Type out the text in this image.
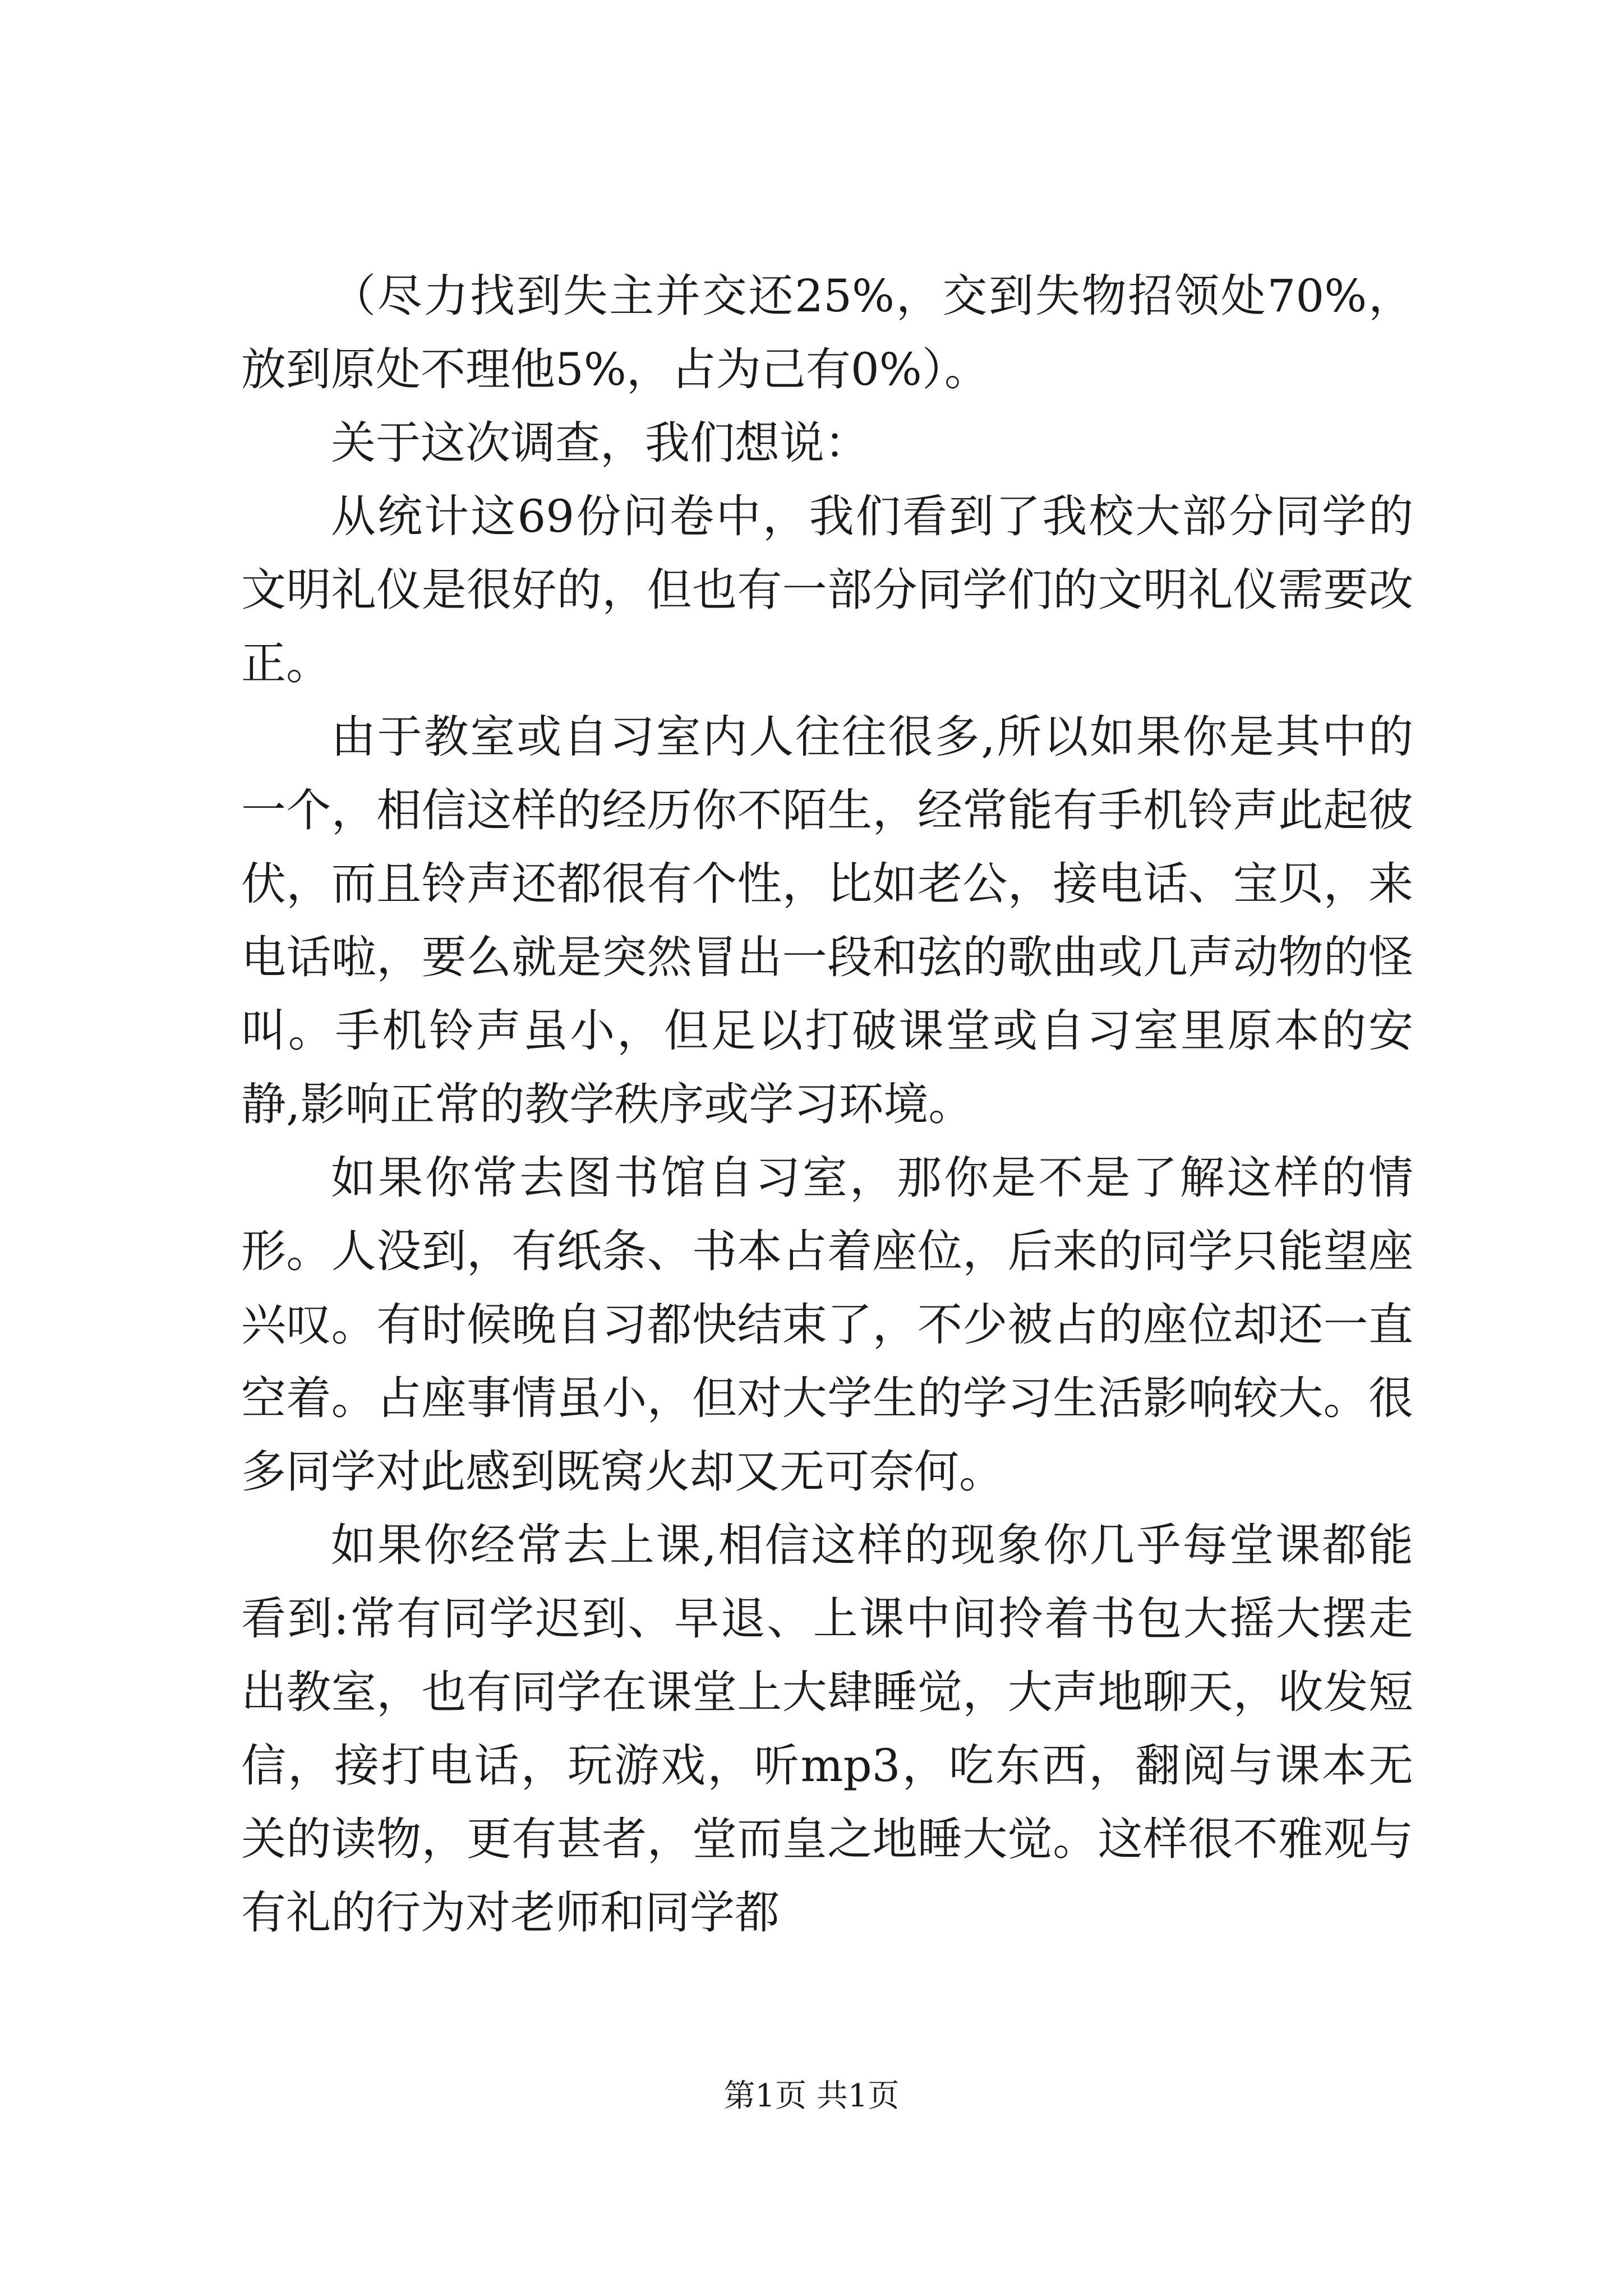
（尽力找到失主并交还25%，交到失物招领处70%，放到原处不理他5%，占为己有0%）。

关于这次调查，我们想说：

从统计这69份问卷中，我们看到了我校大部分同学的文明礼仪是很好的，但也有一部分同学们的文明礼仪需要改正。

由于教室或自习室内人往往很多,所以如果你是其中的一个，相信这样的经历你不陌生，经常能有手机铃声此起彼伏，而且铃声还都很有个性，比如老公，接电话、宝贝，来电话啦，要么就是突然冒出一段和弦的歌曲或几声动物的怪叫。手机铃声虽小，但足以打破课堂或自习室里原本的安静,影响正常的教学秩序或学习环境。

如果你常去图书馆自习室，那你是不是了解这样的情形。人没到，有纸条、书本占着座位，后来的同学只能望座兴叹。有时候晚自习都快结束了，不少被占的座位却还一直空着。占座事情虽小，但对大学生的学习生活影响较大。很多同学对此感到既窝火却又无可奈何。

如果你经常去上课,相信这样的现象你几乎每堂课都能看到:常有同学迟到、早退、上课中间拎着书包大摇大摆走出教室，也有同学在课堂上大肆睡觉，大声地聊天，收发短信，接打电话，玩游戏，听mp3，吃东西，翻阅与课本无关的读物，更有甚者，堂而皇之地睡大觉。这样很不雅观与有礼的行为对老师和同学都

第1页 共1页
